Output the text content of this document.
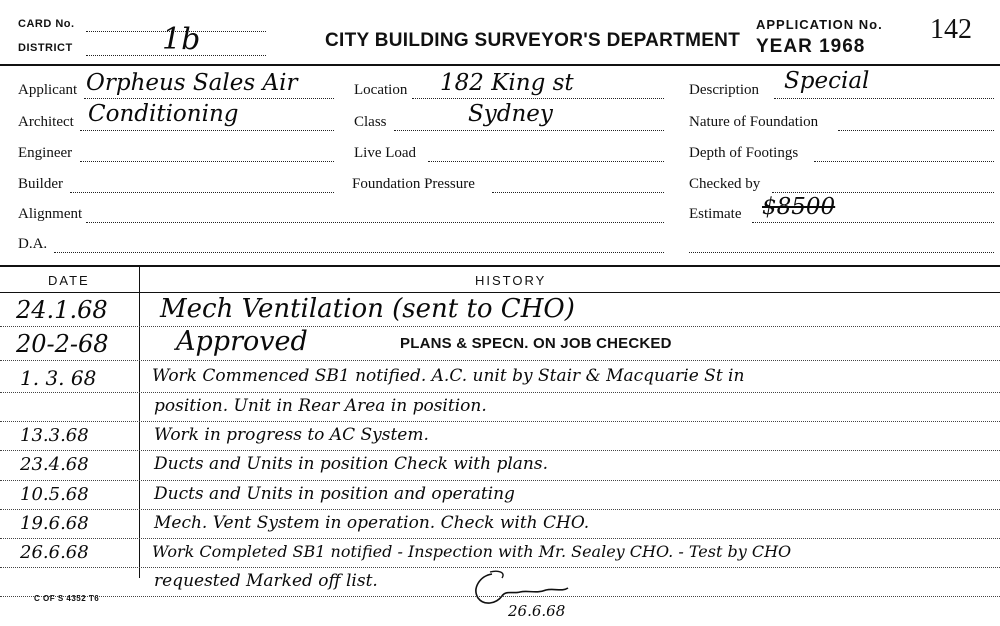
CARD No.
DISTRICT	1b	CITY BUILDING SURVEYOR'S DEPARTMENT
APPLICATION No.
YEAR 1968
142
Applicant Orpheus Sales Air
Architect Conditioning
Engineer
Builder
Alignment
D.A.
Location 182 King st
Class	Sydney
Live Load
Foundation Pressure
Description Special
Nature of Foundation
Depth of Footings
Checked by
Estimate $8500
DATE	HISTORY
24.1.68 Mech Ventilation (sent to CHO)
20-2-68 Approved	PLANS & SPECN. ON JOB CHECKED
1. 3. 68	Work Commenced SB1 notified. A.C. unit by Stair & Macquarie St in
position. Unit in Rear Area in position.
13.3.68	Work in progress to AC System.
23.4.68	Ducts and Units in position Check with plans.
10.5.68	Ducts and Units in position and operating
19.6.68	Mech. Vent System in operation. Check with CHO.
26.6.68	Work Completed SB1 notified - Inspection with Mr. Sealey CHO. - Test by CHO
requested Marked off list.
26.6.68
C OF S 4352 T6
